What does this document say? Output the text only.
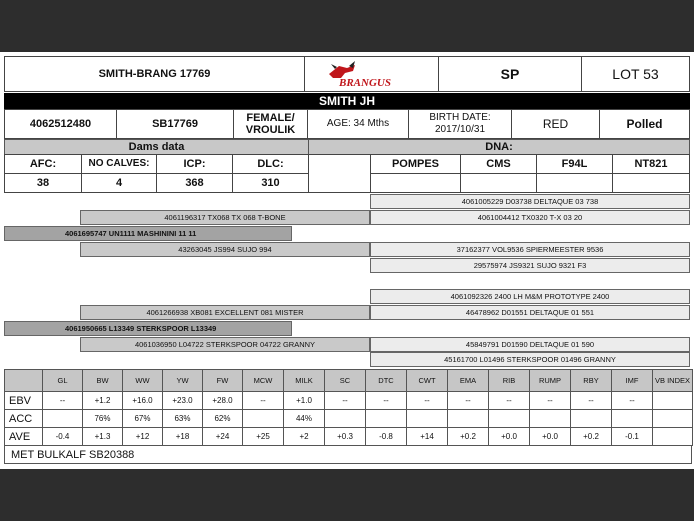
SMITH-BRANG 17769
BRANGUS
SP	LOT 53
SMITH JH
4062512480	SB17769	FEMALE/ VROULIK
AGE: 34 Mths
BIRTH DATE:
2017/10/31	RED	Polled
Dams data	DNA:
AFC:	NO CALVES:	ICP:	DLC:
38	4	368	310
POMPES	CMS	F94L	NT821
4061005229 D03738 DELTAQUE 03 738
4061196317 TX068 TX 068 T-BONE	4061004412 TX0320 T-X 03 20
4061695747 UN1111 MASHININI 11 11
43263045 JS994 SUJO 994	37162377 VOL9536 SPIERMEESTER 9536
29575974 JS9321 SUJO 9321 F3
4061092326 2400 LH M&M PROTOTYPE 2400
4061266938 XB081 EXCELLENT 081 MISTER	46478962 D01551 DELTAQUE 01 551
4061950665 L13349 STERKSPOOR L13349
4061036950 L04722 STERKSPOOR 04722 GRANNY	45849791 D01590 DELTAQUE 01 590
45161700 L01496 STERKSPOOR 01496 GRANNY
	GL	BW	WW	YW	FW	MCW	MILK	SC	DTC	CWT	EMA	RIB	RUMP	RBY	IMF	VB INDEX
EBV	--	+1.2	+16.0	+23.0	+28.0	--	+1.0	--	--	--	--	--	--	--	--	
ACC		76%	67%	63%	62%		44%									
AVE	-0.4	+1.3	+12	+18	+24	+25	+2	+0.3	-0.8	+14	+0.2	+0.0	+0.0	+0.2	-0.1	
MET BULKALF SB20388
